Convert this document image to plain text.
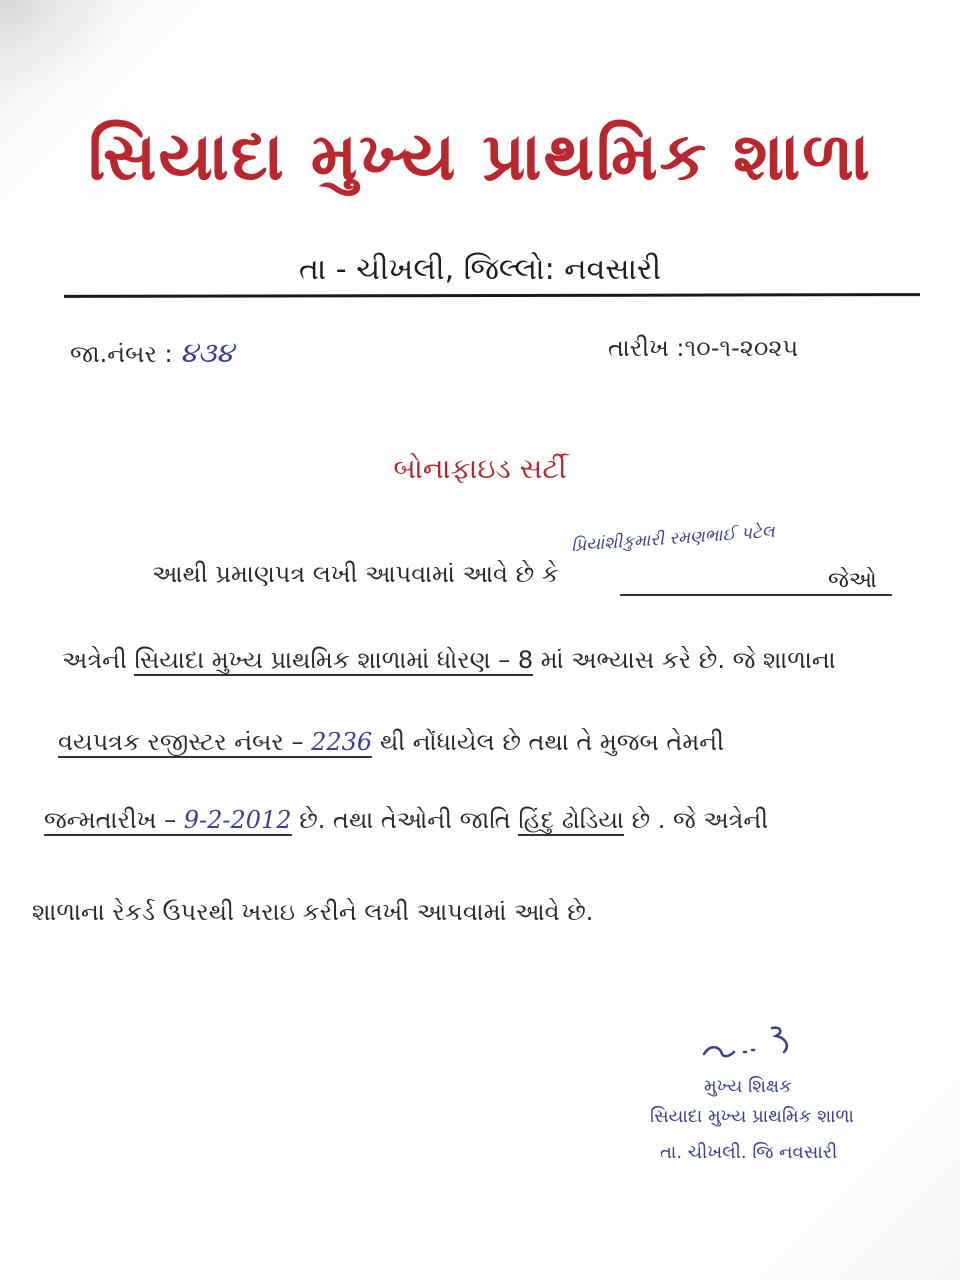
સિયાદા મુખ્ય પ્રાથમિક શાળા
તા - ચીખલી, જિલ્લો: નવસારી
જા.નંબર : ૪૩૪	તારીખ :૧૦-૧-૨૦૨૫
બોનાફાઇડ સર્ટી
આથી પ્રમાણપત્ર લખી આપવામાં આવે છે કે
પ્રિયાંશીકુમારી રમણભાઈ પટેલ
જેઓ
અત્રેની સિયાદા મુખ્ય પ્રાથમિક શાળામાં ધોરણ – 8 માં અભ્યાસ કરે છે. જે શાળાના
વયપત્રક રજીસ્ટર નંબર – 2236 થી નોંધાયેલ છે તથા તે મુજબ તેમની
જન્મતારીખ – 9-2-2012 છે. તથા તેઓની જાતિ હિંદુ ઢોડિયા છે . જે અત્રેની
શાળાના રેકર્ડ ઉપરથી ખરાઇ કરીને લખી આપવામાં આવે છે.
મુખ્ય શિક્ષક
સિયાદા મુખ્ય પ્રાથમિક શાળા
તા. ચીખલી. જિ નવસારી
